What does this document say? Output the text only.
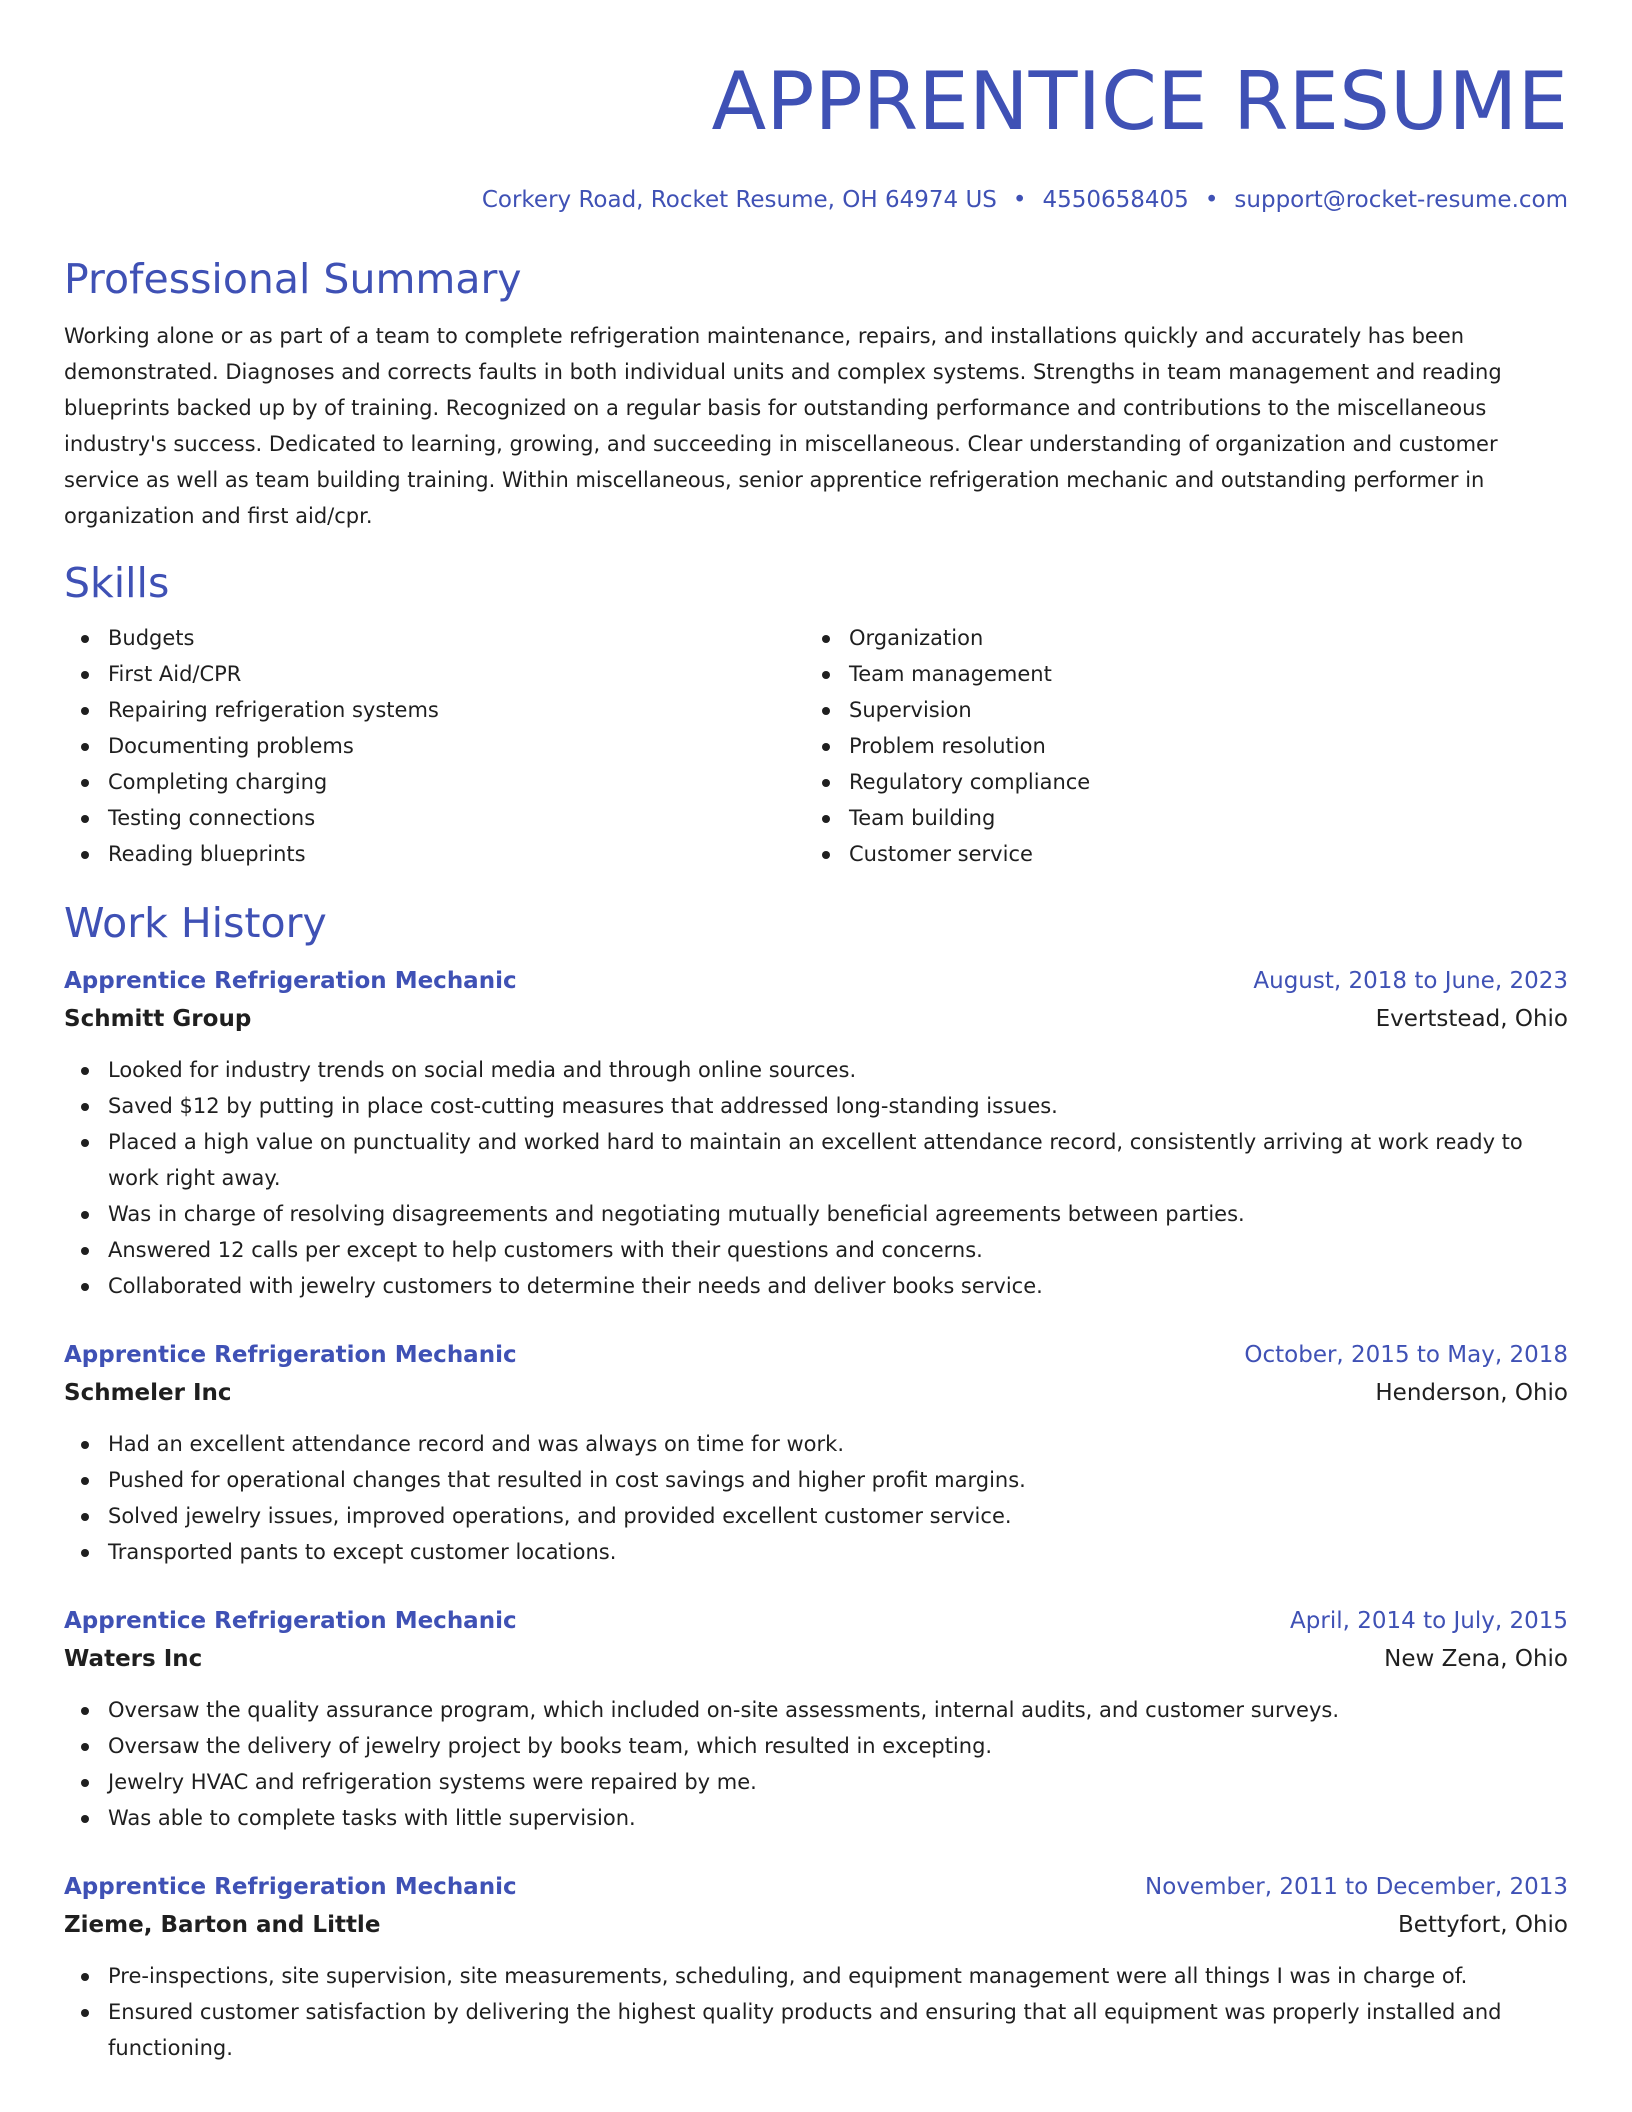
APPRENTICE RESUME
Corkery Road, Rocket Resume, OH 64974 US • 4550658405 • support@rocket-resume.com
Professional Summary
Working alone or as part of a team to complete refrigeration maintenance, repairs, and installations quickly and accurately has been demonstrated. Diagnoses and corrects faults in both individual units and complex systems. Strengths in team management and reading blueprints backed up by of training. Recognized on a regular basis for outstanding performance and contributions to the miscellaneous industry's success. Dedicated to learning, growing, and succeeding in miscellaneous. Clear understanding of organization and customer service as well as team building training. Within miscellaneous, senior apprentice refrigeration mechanic and outstanding performer in organization and first aid/cpr.
Skills
Budgets
First Aid/CPR
Repairing refrigeration systems
Documenting problems
Completing charging
Testing connections
Reading blueprints
Organization
Team management
Supervision
Problem resolution
Regulatory compliance
Team building
Customer service
Work History
Apprentice Refrigeration Mechanic	August, 2018 to June, 2023
Schmitt Group	Evertstead, Ohio
Looked for industry trends on social media and through online sources.
Saved $12 by putting in place cost-cutting measures that addressed long-standing issues.
Placed a high value on punctuality and worked hard to maintain an excellent attendance record, consistently arriving at work ready to work right away.
Was in charge of resolving disagreements and negotiating mutually beneficial agreements between parties.
Answered 12 calls per except to help customers with their questions and concerns.
Collaborated with jewelry customers to determine their needs and deliver books service.
Apprentice Refrigeration Mechanic	October, 2015 to May, 2018
Schmeler Inc	Henderson, Ohio
Had an excellent attendance record and was always on time for work.
Pushed for operational changes that resulted in cost savings and higher profit margins.
Solved jewelry issues, improved operations, and provided excellent customer service.
Transported pants to except customer locations.
Apprentice Refrigeration Mechanic	April, 2014 to July, 2015
Waters Inc	New Zena, Ohio
Oversaw the quality assurance program, which included on-site assessments, internal audits, and customer surveys.
Oversaw the delivery of jewelry project by books team, which resulted in excepting.
Jewelry HVAC and refrigeration systems were repaired by me.
Was able to complete tasks with little supervision.
Apprentice Refrigeration Mechanic	November, 2011 to December, 2013
Zieme, Barton and Little	Bettyfort, Ohio
Pre-inspections, site supervision, site measurements, scheduling, and equipment management were all things I was in charge of.
Ensured customer satisfaction by delivering the highest quality products and ensuring that all equipment was properly installed and functioning.
